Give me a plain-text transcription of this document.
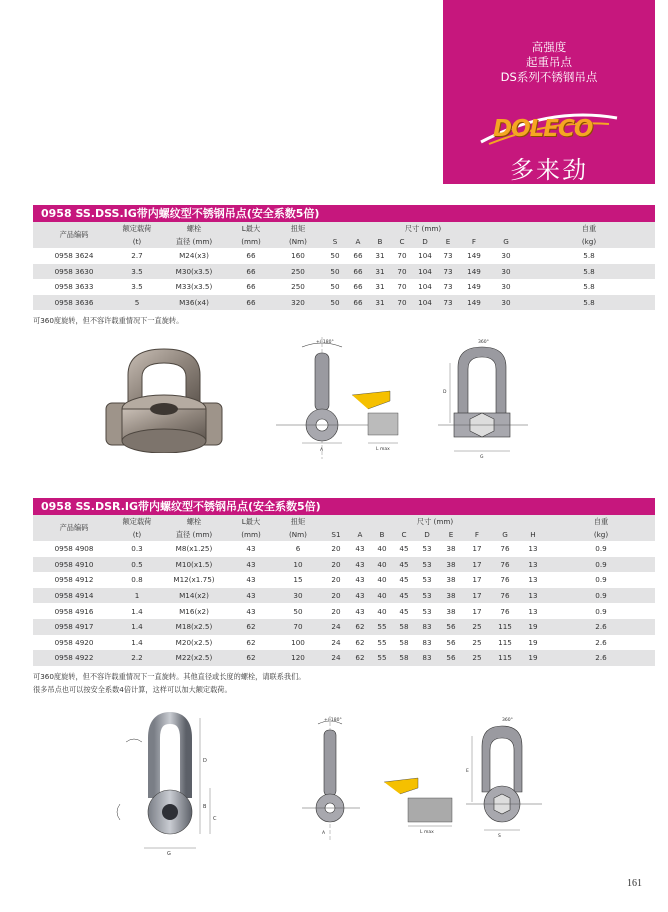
高强度
起重吊点
DS系列不锈钢吊点
DOLECO
多来劲
0958 SS.DSS.IG带内螺纹型不锈钢吊点(安全系数5倍)
产品编码	额定载荷	螺栓	L最大	扭矩	尺寸 (mm)								自重
	(t)	直径 (mm)	(mm)	(Nm)	S	A	B	C	D	E	F	G	(kg)
0958 3624	2.7	M24(x3)	66	160	50	66	31	70	104	73	149	30	5.8
0958 3630	3.5	M30(x3.5)	66	250	50	66	31	70	104	73	149	30	5.8
0958 3633	3.5	M33(x3.5)	66	250	50	66	31	70	104	73	149	30	5.8
0958 3636	5	M36(x4)	66	320	50	66	31	70	104	73	149	30	5.8
可360度旋转，但不容许载重情况下一直旋转。
+/-180°
A	L max
360°
D
G
0958 SS.DSR.IG带内螺纹型不锈钢吊点(安全系数5倍)
产品编码	额定载荷	螺栓	L最大	扭矩	尺寸 (mm)									自重
	(t)	直径 (mm)	(mm)	(Nm)	S1	A	B	C	D	E	F	G	H	(kg)
0958 4908	0.3	M8(x1.25)	43	6	20	43	40	45	53	38	17	76	13	0.9
0958 4910	0.5	M10(x1.5)	43	10	20	43	40	45	53	38	17	76	13	0.9
0958 4912	0.8	M12(x1.75)	43	15	20	43	40	45	53	38	17	76	13	0.9
0958 4914	1	M14(x2)	43	30	20	43	40	45	53	38	17	76	13	0.9
0958 4916	1.4	M16(x2)	43	50	20	43	40	45	53	38	17	76	13	0.9
0958 4917	1.4	M18(x2.5)	62	70	24	62	55	58	83	56	25	115	19	2.6
0958 4920	1.4	M20(x2.5)	62	100	24	62	55	58	83	56	25	115	19	2.6
0958 4922	2.2	M22(x2.5)	62	120	24	62	55	58	83	56	25	115	19	2.6
可360度旋转，但不容许载重情况下一直旋转。其他直径或长度的螺栓，请联系我们。
很多吊点也可以按安全系数4倍计算，这样可以加大额定载荷。
D
B
C
G
+/-180°
A	L max
360°
E
S
161
